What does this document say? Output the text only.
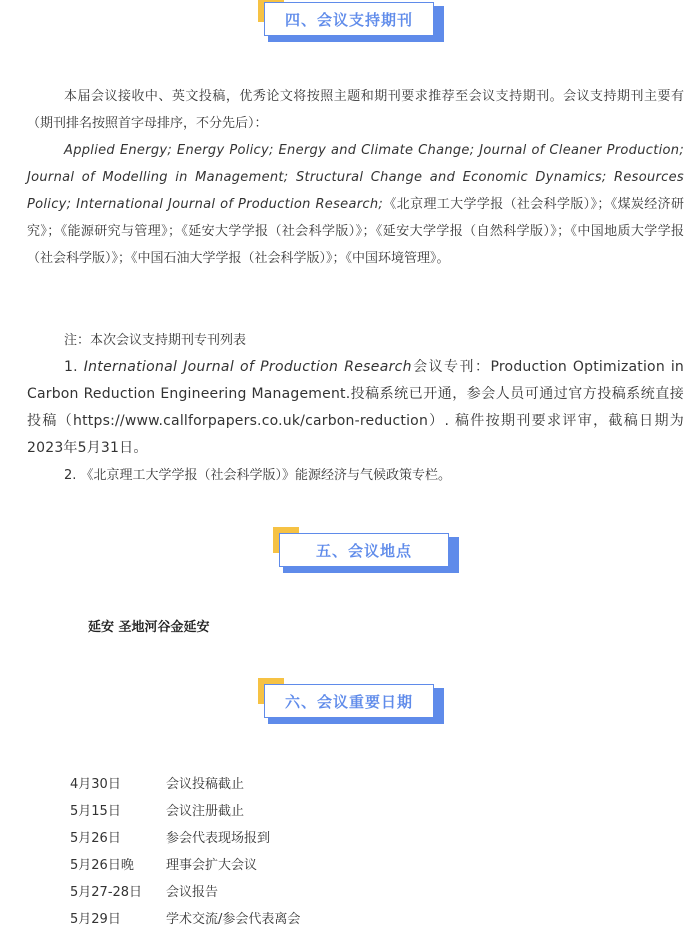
四、会议支持期刊

本届会议接收中、英文投稿，优秀论文将按照主题和期刊要求推荐至会议支持期刊。会议支持期刊主要有（期刊排名按照首字母排序，不分先后）：

Applied Energy; Energy Policy; Energy and Climate Change; Journal of Cleaner Production; Journal of Modelling in Management; Structural Change and Economic Dynamics; Resources Policy; International Journal of Production Research;《北京理工大学学报（社会科学版）》；《煤炭经济研究》；《能源研究与管理》；《延安大学学报（社会科学版）》；《延安大学学报（自然科学版）》；《中国地质大学学报（社会科学版）》；《中国石油大学学报（社会科学版）》；《中国环境管理》。

注：本次会议支持期刊专刊列表

1. International Journal of Production Research会议专刊：Production Optimization in Carbon Reduction Engineering Management.投稿系统已开通，参会人员可通过官方投稿系统直接投稿（https://www.callforpapers.co.uk/carbon-reduction）. 稿件按期刊要求评审，截稿日期为2023年5月31日。

2. 《北京理工大学学报（社会科学版）》能源经济与气候政策专栏。

五、会议地点
延安 圣地河谷金延安
六、会议重要日期
4月30日	会议投稿截止
5月15日	会议注册截止
5月26日	参会代表现场报到
5月26日晚	理事会扩大会议
5月27-28日	会议报告
5月29日	学术交流/参会代表离会
